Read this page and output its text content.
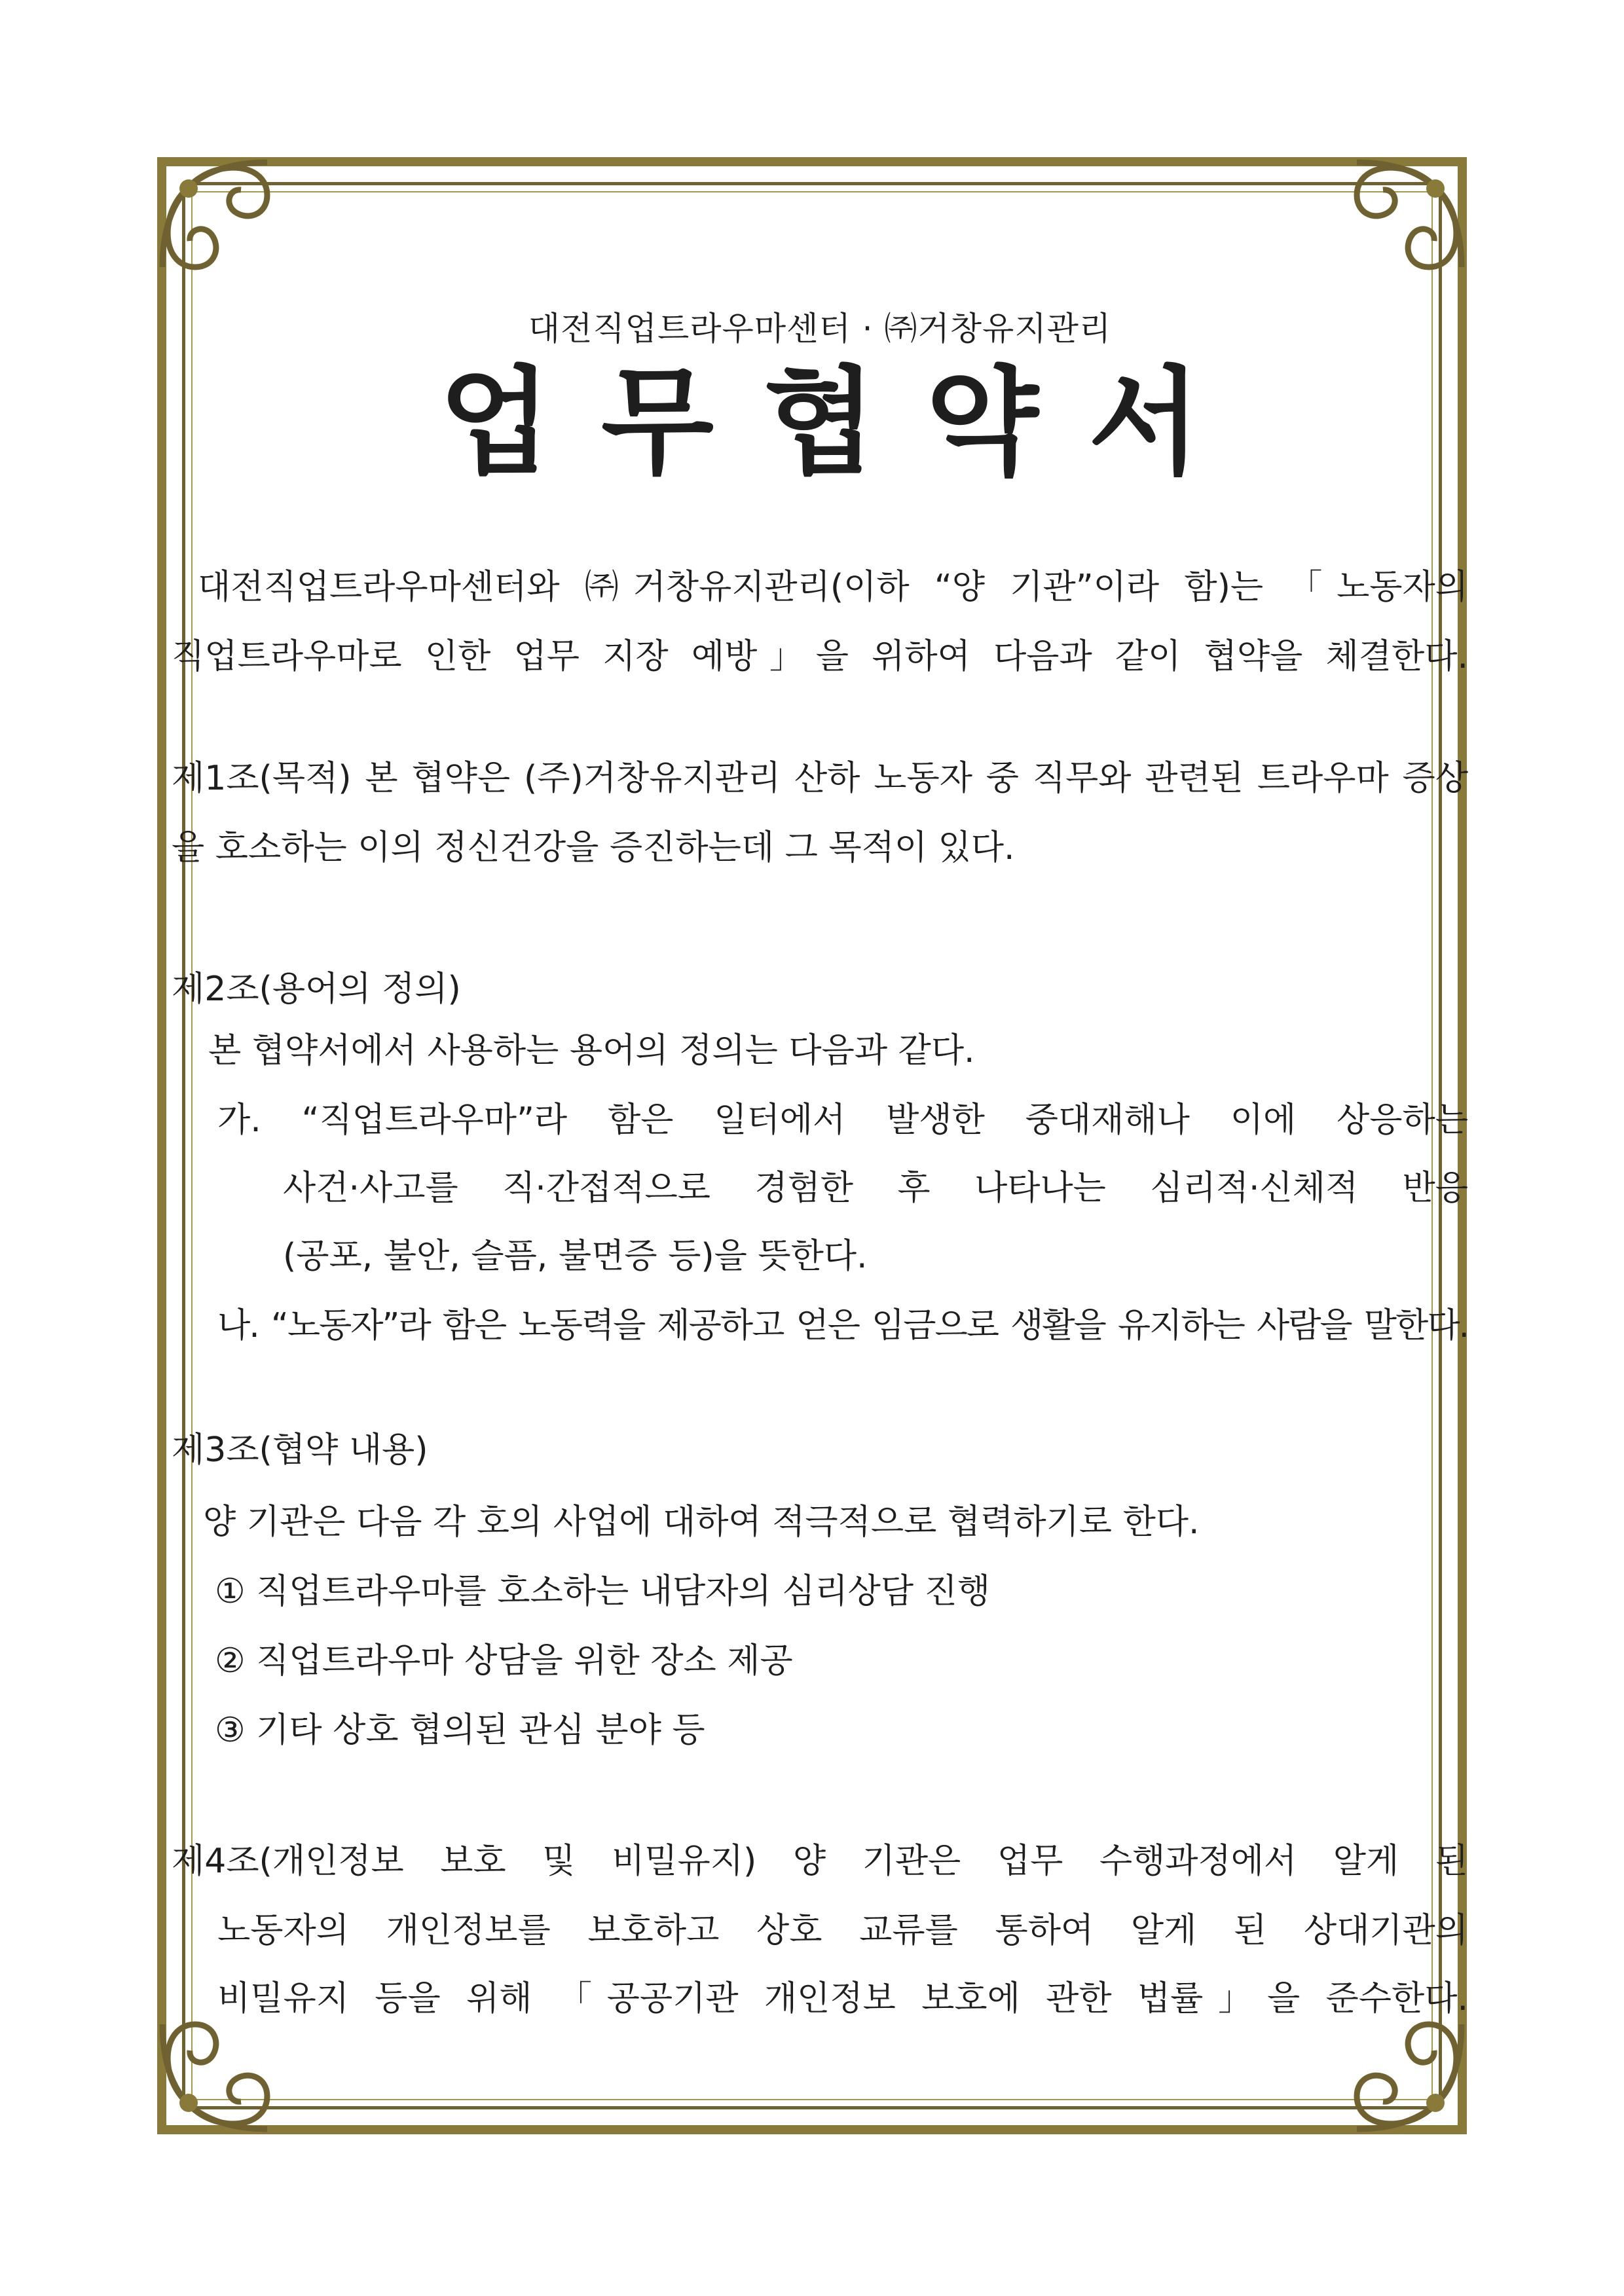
대전직업트라우마센터 · ㈜거창유지관리
업무협약서
대전직업트라우마센터와 ㈜거창유지관리(이하 “양 기관”이라 함)는 「노동자의
직업트라우마로 인한 업무 지장 예방」을 위하여 다음과 같이 협약을 체결한다.
제1조(목적) 본 협약은 (주)거창유지관리 산하 노동자 중 직무와 관련된 트라우마 증상
을 호소하는 이의 정신건강을 증진하는데 그 목적이 있다.
제2조(용어의 정의)
본 협약서에서 사용하는 용어의 정의는 다음과 같다.
가. “직업트라우마”라 함은 일터에서 발생한 중대재해나 이에 상응하는
사건·사고를 직·간접적으로 경험한 후 나타나는 심리적·신체적 반응
(공포, 불안, 슬픔, 불면증 등)을 뜻한다.
나. “노동자”라 함은 노동력을 제공하고 얻은 임금으로 생활을 유지하는 사람을 말한다.
제3조(협약 내용)
양 기관은 다음 각 호의 사업에 대하여 적극적으로 협력하기로 한다.
① 직업트라우마를 호소하는 내담자의 심리상담 진행
② 직업트라우마 상담을 위한 장소 제공
③ 기타 상호 협의된 관심 분야 등
제4조(개인정보 보호 및 비밀유지) 양 기관은 업무 수행과정에서 알게 된
노동자의 개인정보를 보호하고 상호 교류를 통하여 알게 된 상대기관의
비밀유지 등을 위해 「공공기관 개인정보 보호에 관한 법률」을 준수한다.
